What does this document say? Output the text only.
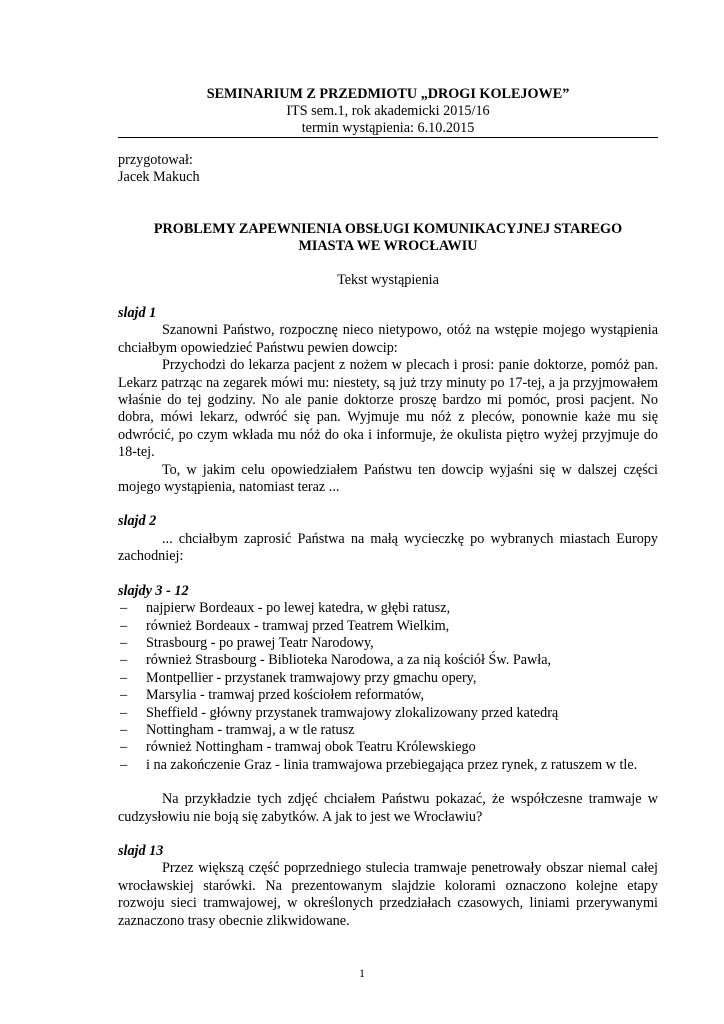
SEMINARIUM Z PRZEDMIOTU „DROGI KOLEJOWE”
ITS sem.1, rok akademicki 2015/16
termin wystąpienia: 6.10.2015
przygotował:
Jacek Makuch
PROBLEMY ZAPEWNIENIA OBSŁUGI KOMUNIKACYJNEJ STAREGO
MIASTA WE WROCŁAWIU
Tekst wystąpienia

slajd 1

Szanowni Państwo, rozpocznę nieco nietypowo, otóż na wstępie mojego wystąpienia chciałbym opowiedzieć Państwu pewien dowcip:

Przychodzi do lekarza pacjent z nożem w plecach i prosi: panie doktorze, pomóż pan. Lekarz patrząc na zegarek mówi mu: niestety, są już trzy minuty po 17-tej, a ja przyjmowałem właśnie do tej godziny. No ale panie doktorze proszę bardzo mi pomóc, prosi pacjent. No dobra, mówi lekarz, odwróć się pan. Wyjmuje mu nóż z pleców, ponownie każe mu się odwrócić, po czym wkłada mu nóż do oka i informuje, że okulista piętro wyżej przyjmuje do 18-tej.

To, w jakim celu opowiedziałem Państwu ten dowcip wyjaśni się w dalszej części mojego wystąpienia, natomiast teraz ...

slajd 2

... chciałbym zaprosić Państwa na małą wycieczkę po wybranych miastach Europy zachodniej:

slajdy 3 - 12

– najpierw Bordeaux - po lewej katedra, w głębi ratusz,
– również Bordeaux - tramwaj przed Teatrem Wielkim,
– Strasbourg - po prawej Teatr Narodowy,
– również Strasbourg - Biblioteka Narodowa, a za nią kościół Św. Pawła,
– Montpellier - przystanek tramwajowy przy gmachu opery,
– Marsylia - tramwaj przed kościołem reformatów,
– Sheffield - główny przystanek tramwajowy zlokalizowany przed katedrą
– Nottingham - tramwaj, a w tle ratusz
– również Nottingham - tramwaj obok Teatru Królewskiego
– i na zakończenie Graz - linia tramwajowa przebiegająca przez rynek, z ratuszem w tle.

Na przykładzie tych zdjęć chciałem Państwu pokazać, że współczesne tramwaje w cudzysłowiu nie boją się zabytków. A jak to jest we Wrocławiu?

slajd 13

Przez większą część poprzedniego stulecia tramwaje penetrowały obszar niemal całej wrocławskiej starówki. Na prezentowanym slajdzie kolorami oznaczono kolejne etapy rozwoju sieci tramwajowej, w określonych przedziałach czasowych, liniami przerywanymi zaznaczono trasy obecnie zlikwidowane.

1
